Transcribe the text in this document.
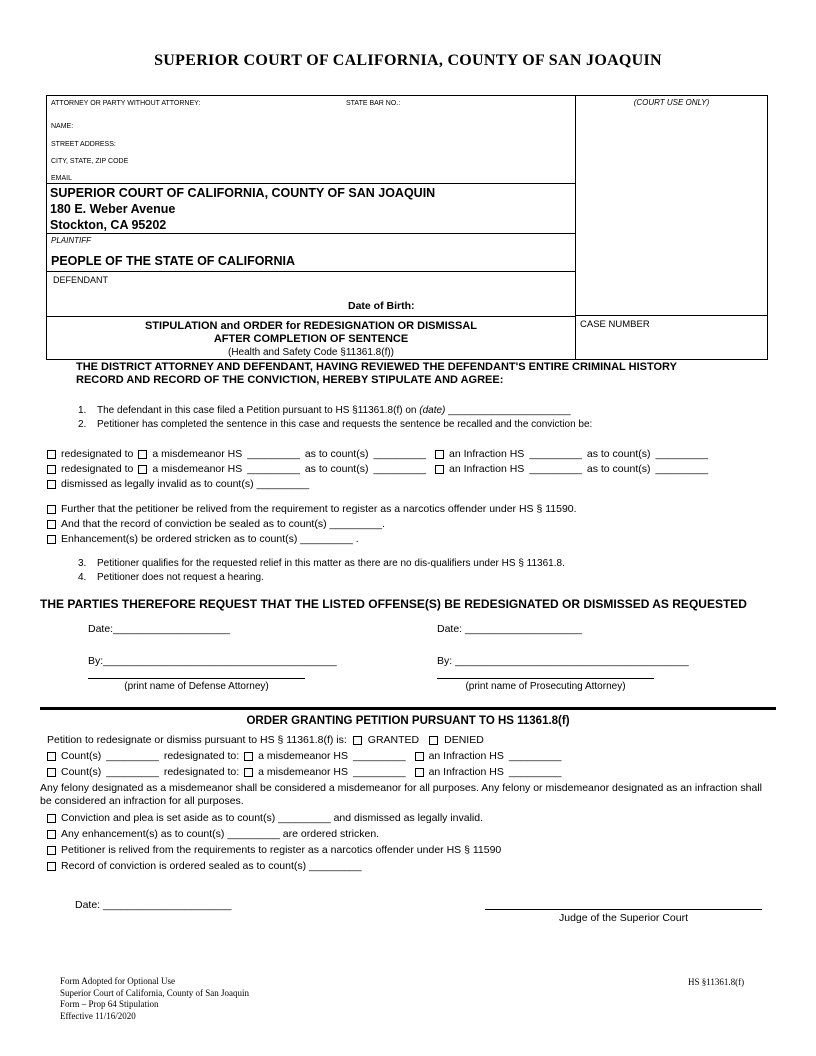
SUPERIOR COURT OF CALIFORNIA, COUNTY OF SAN JOAQUIN
ATTORNEY OR PARTY WITHOUT ATTORNEY:	STATE BAR NO.:
NAME:
STREET ADDRESS:
CITY, STATE, ZIP CODE
EMAIL
SUPERIOR COURT OF CALIFORNIA, COUNTY OF SAN JOAQUIN
180 E. Weber Avenue
Stockton, CA 95202
PLAINTIFF
PEOPLE OF THE STATE OF CALIFORNIA
DEFENDANT
Date of Birth:
STIPULATION and ORDER for REDESIGNATION OR DISMISSAL
AFTER COMPLETION OF SENTENCE
(Health and Safety Code §11361.8(f))
(COURT USE ONLY)
CASE NUMBER
THE DISTRICT ATTORNEY AND DEFENDANT, HAVING REVIEWED THE DEFENDANT'S ENTIRE CRIMINAL HISTORY RECORD AND RECORD OF THE CONVICTION, HEREBY STIPULATE AND AGREE:
1.	The defendant in this case filed a Petition pursuant to HS §11361.8(f) on (date) ______________________
2.	Petitioner has completed the sentence in this case and requests the sentence be recalled and the conviction be:
redesignated to a misdemeanor HS _________ as to count(s) _________ an Infraction HS _________ as to count(s) _________
redesignated to a misdemeanor HS _________ as to count(s) _________ an Infraction HS _________ as to count(s) _________
dismissed as legally invalid as to count(s) _________
Further that the petitioner be relived from the requirement to register as a narcotics offender under HS § 11590.
And that the record of conviction be sealed as to count(s) _________.
Enhancement(s) be ordered stricken as to count(s) _________ .
3.	Petitioner qualifies for the requested relief in this matter as there are no dis-qualifiers under HS § 11361.8.
4.	Petitioner does not request a hearing.
THE PARTIES THEREFORE REQUEST THAT THE LISTED OFFENSE(S) BE REDESIGNATED OR DISMISSED AS REQUESTED
Date:____________________
By:________________________________________
(print name of Defense Attorney)
Date: ____________________
By: ________________________________________
(print name of Prosecuting Attorney)
ORDER GRANTING PETITION PURSUANT TO HS 11361.8(f)
Petition to redesignate or dismiss pursuant to HS § 11361.8(f) is: GRANTED DENIED
Count(s) _________ redesignated to: a misdemeanor HS _________ an Infraction HS _________
Count(s) _________ redesignated to: a misdemeanor HS _________ an Infraction HS _________
Any felony designated as a misdemeanor shall be considered a misdemeanor for all purposes. Any felony or misdemeanor designated as an infraction shall be considered an infraction for all purposes.
Conviction and plea is set aside as to count(s) _________ and dismissed as legally invalid.
Any enhancement(s) as to count(s) _________ are ordered stricken.
Petitioner is relived from the requirements to register as a narcotics offender under HS § 11590
Record of conviction is ordered sealed as to count(s) _________
Date: ______________________
Judge of the Superior Court
Form Adopted for Optional Use
Superior Court of California, County of San Joaquin
Form – Prop 64 Stipulation
Effective 11/16/2020
HS §11361.8(f)
